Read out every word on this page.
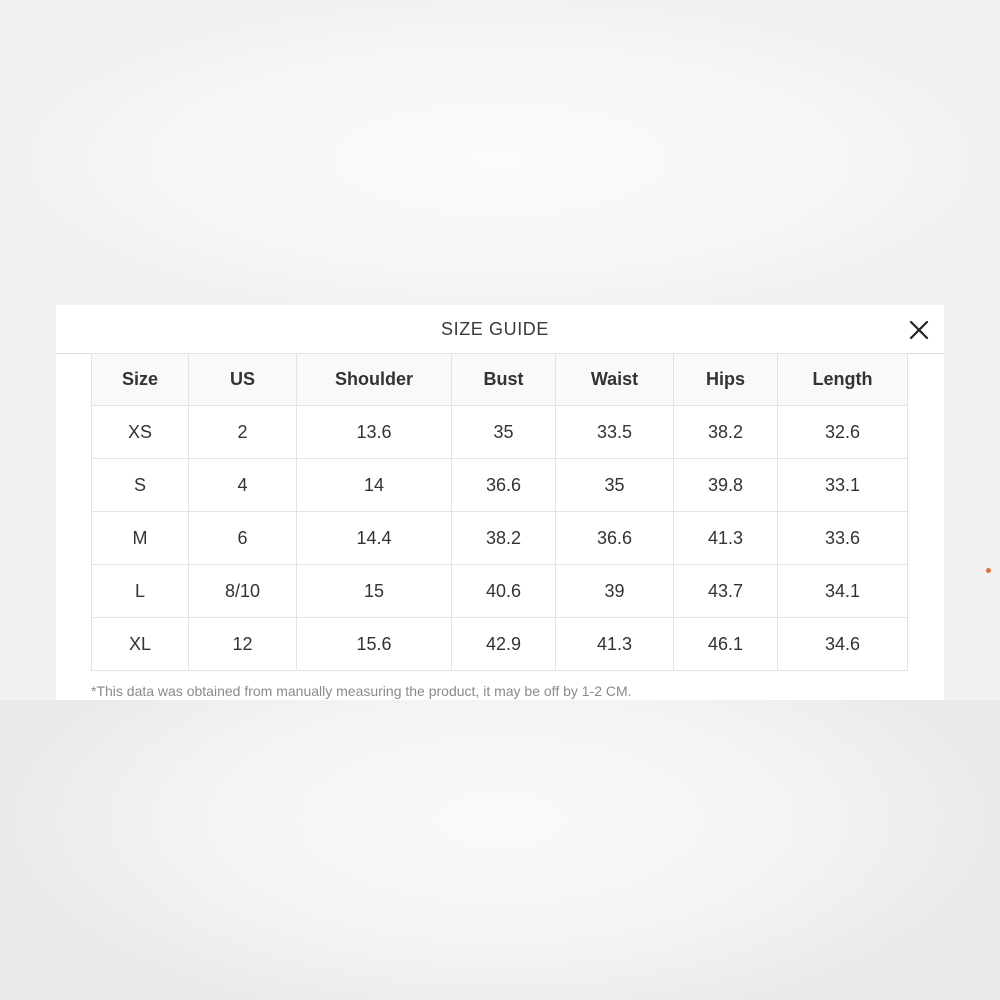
SIZE GUIDE
Size	US	Shoulder	Bust	Waist	Hips	Length
XS	2	13.6	35	33.5	38.2	32.6
S	4	14	36.6	35	39.8	33.1
M	6	14.4	38.2	36.6	41.3	33.6
L	8/10	15	40.6	39	43.7	34.1
XL	12	15.6	42.9	41.3	46.1	34.6
*This data was obtained from manually measuring the product, it may be off by 1-2 CM.
